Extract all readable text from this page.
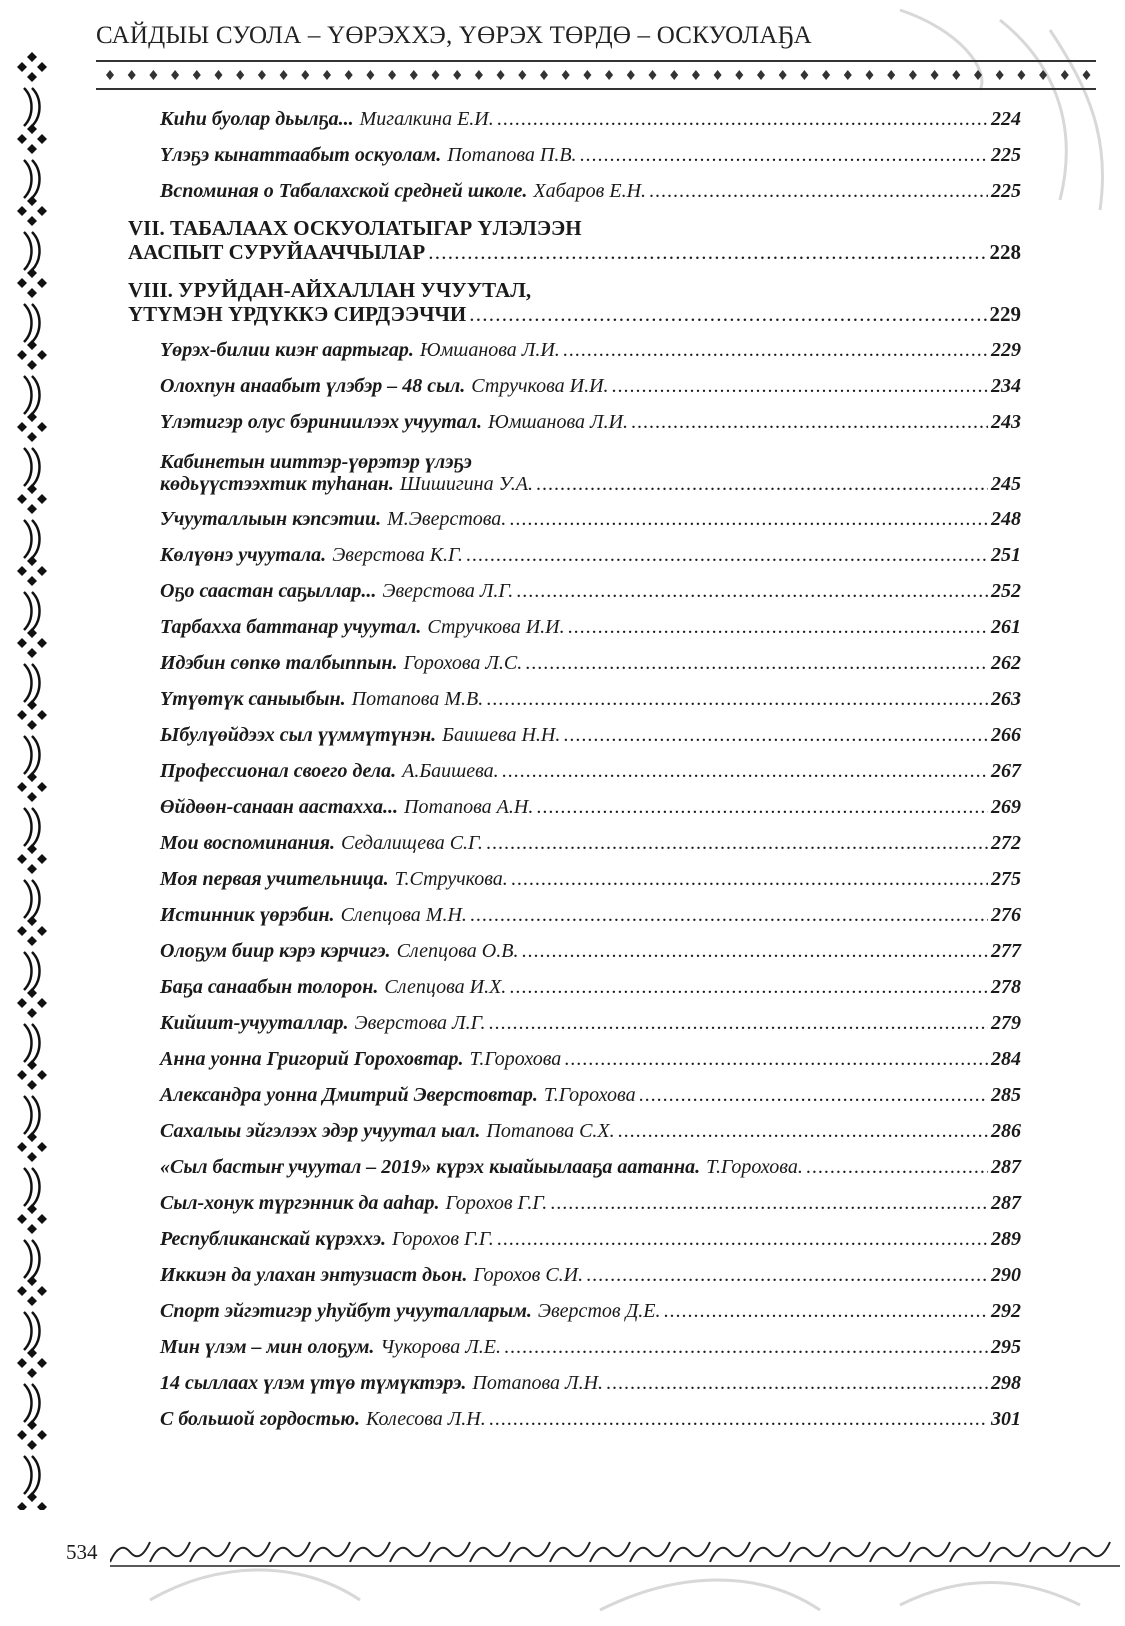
САЙДЫЫ СУОЛА – ҮӨРЭХХЭ, ҮӨРЭХ ТӨРДӨ – ОСКУОЛАҔА
Киһи буолар дьылҕа... Мигалкина Е.И. . . .	224
Үлэҕэ кынаттаабыт оскуолам. Потапова П.В. . . .	225
Вспоминая о Табалахской средней школе. Хабаров Е.Н. . . .	225
VII. ТАБАЛААХ ОСКУОЛАТЫГАР ҮЛЭЛЭЭН
ААСПЫТ СУРУЙААЧЧЫЛАР . . .	228
VIII. УРУЙДАН-АЙХАЛЛАН УЧУУТАЛ,
ҮТҮМЭН ҮРДҮККЭ СИРДЭЭЧЧИ . . .	229
Үөрэх-билии киэҥ аартыгар. Юмшанова Л.И. . . .	229
Олохпун анаабыт үлэбэр – 48 сыл. Стручкова И.И. . . .	234
Үлэтигэр олус бэриниилээх учуутал. Юмшанова Л.И. . . .	243
Кабинетын ииттэр-үөрэтэр үлэҕэ
көдьүүстээхтик туһанан. Шишигина У.А. . . .	245
Учууталлыын кэпсэтии. М.Эверстова. . . .	248
Көлүөнэ учуутала. Эверстова К.Г. . . .	251
Оҕо саастан саҕыллар... Эверстова Л.Г. . . .	252
Тарбахха баттанар учуутал. Стручкова И.И. . . .	261
Идэбин сөпкө талбыппын. Горохова Л.С. . . .	262
Үтүөтүк саныыбын. Потапова М.В. . . .	263
Ыбулүөйдээх сыл үүммүтүнэн. Баишева Н.Н. . . .	266
Профессионал своего дела. А.Баишева. . . .	267
Өйдөөн-санаан аастахха... Потапова А.Н. . . .	269
Мои воспоминания. Седалищева С.Г. . . .	272
Моя первая учительница. Т.Стручкова. . . .	275
Истинник үөрэбин. Слепцова М.Н. . . .	276
Олоҕум биир кэрэ кэрчигэ. Слепцова О.В. . . .	277
Баҕа санаабын толорон. Слепцова И.Х. . . .	278
Кийиит-учууталлар. Эверстова Л.Г. . . .	279
Анна уонна Григорий Гороховтар. Т.Горохова . . .	284
Александра уонна Дмитрий Эверстовтар. Т.Горохова . . .	285
Сахалыы эйгэлээх эдэр учуутал ыал. Потапова С.Х. . . .	286
«Сыл бастыҥ учуутал – 2019» күрэх кыайыылааҕа аатанна. Т.Горохова. . . .	287
Сыл-хонук түргэнник да ааһар. Горохов Г.Г. . . .	287
Республиканскай күрэххэ. Горохов Г.Г. . . .	289
Иккиэн да улахан энтузиаст дьон. Горохов С.И. . . .	290
Спорт эйгэтигэр уһуйбут учууталларым. Эверстов Д.Е. . . .	292
Мин үлэм – мин олоҕум. Чукорова Л.Е. . . .	295
14 сыллаах үлэм үтүө түмүктэрэ. Потапова Л.Н. . . .	298
С большой гордостью. Колесова Л.Н. . . .	301
534
